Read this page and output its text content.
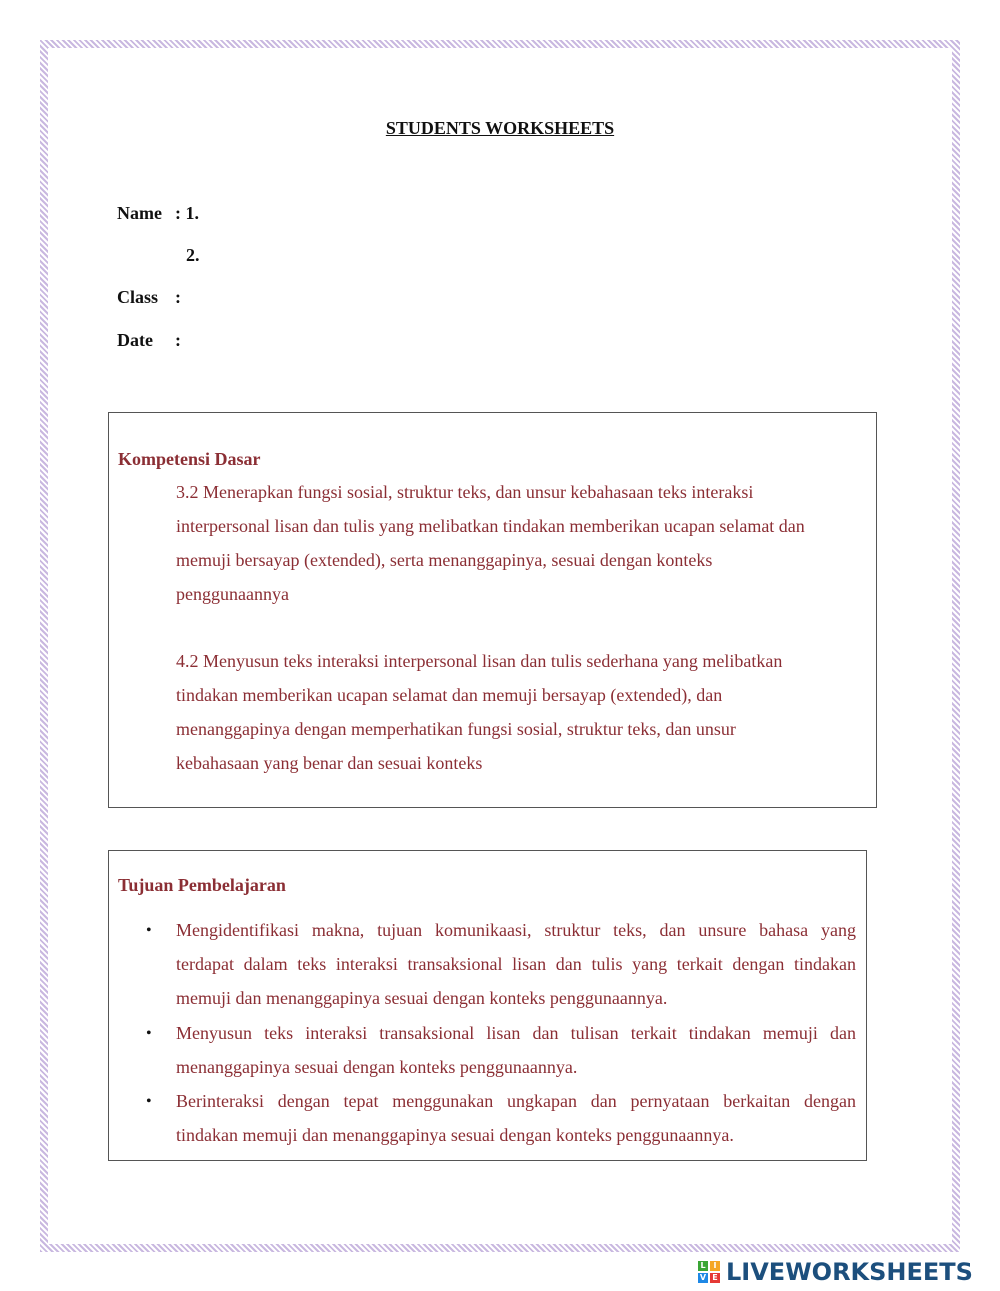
STUDENTS WORKSHEETS
Name : 1.
2.
Class :
Date :
Kompetensi Dasar
3.2 Menerapkan fungsi sosial, struktur teks, dan unsur kebahasaan teks interaksi
interpersonal lisan dan tulis yang melibatkan tindakan memberikan ucapan selamat dan
memuji bersayap (extended), serta menanggapinya, sesuai dengan konteks
penggunaannya
4.2 Menyusun teks interaksi interpersonal lisan dan tulis sederhana yang melibatkan
tindakan memberikan ucapan selamat dan memuji bersayap (extended), dan
menanggapinya dengan memperhatikan fungsi sosial, struktur teks, dan unsur
kebahasaan yang benar dan sesuai konteks
Tujuan Pembelajaran
• Mengidentifikasi makna, tujuan komunikaasi, struktur teks, dan unsure bahasa yang
terdapat dalam teks interaksi transaksional lisan dan tulis yang terkait dengan tindakan
memuji dan menanggapinya sesuai dengan konteks penggunaannya.
• Menyusun teks interaksi transaksional lisan dan tulisan terkait tindakan memuji dan
menanggapinya sesuai dengan konteks penggunaannya.
• Berinteraksi dengan tepat menggunakan ungkapan dan pernyataan berkaitan dengan
tindakan memuji dan menanggapinya sesuai dengan konteks penggunaannya.
L I
V E LIVEWORKSHEETS
